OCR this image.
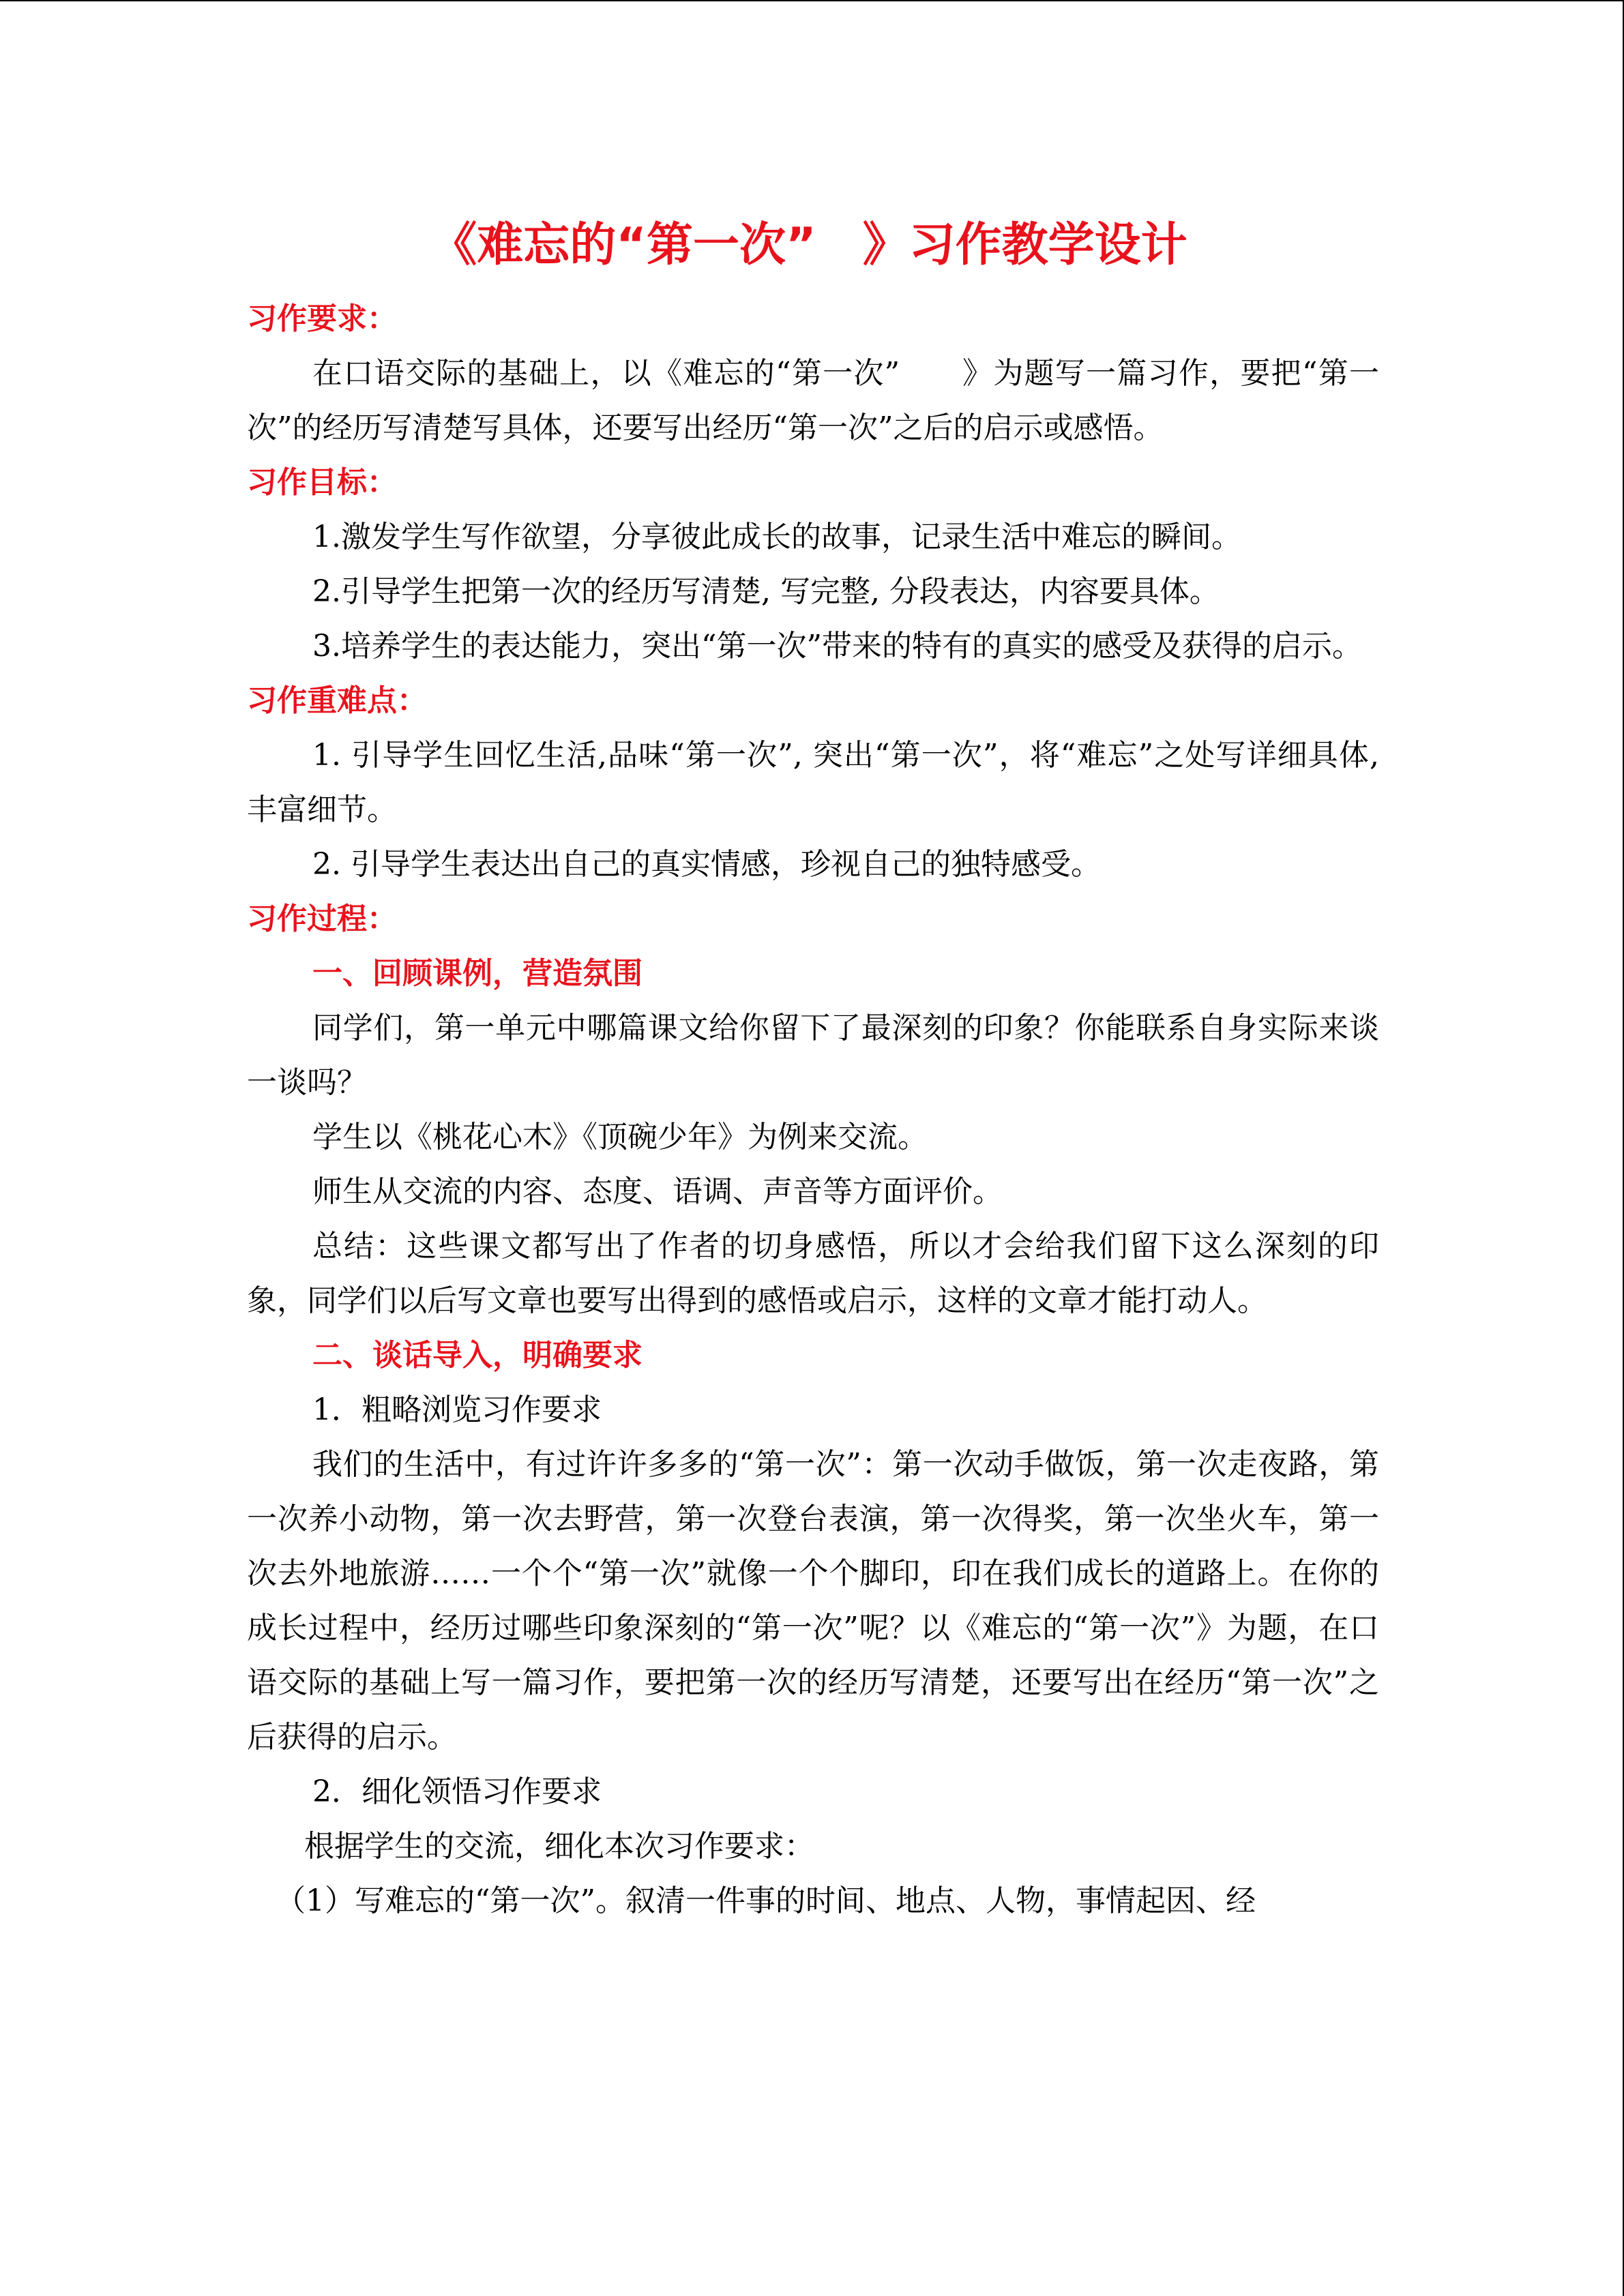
《难忘的“第一次”　》习作教学设计
习作要求：

在口语交际的基础上，以《难忘的“第一次”　　》为题写一篇习作，要把“第一次”的经历写清楚写具体，还要写出经历“第一次”之后的启示或感悟。

习作目标：

1.激发学生写作欲望，分享彼此成长的故事，记录生活中难忘的瞬间。

2.引导学生把第一次的经历写清楚, 写完整, 分段表达，内容要具体。

3.培养学生的表达能力，突出“第一次”带来的特有的真实的感受及获得的启示。

习作重难点：

1. 引导学生回忆生活,品味“第一次”, 突出“第一次”，将“难忘”之处写详细具体,丰富细节。

2. 引导学生表达出自己的真实情感，珍视自己的独特感受。

习作过程：
一、回顾课例，营造氛围

同学们，第一单元中哪篇课文给你留下了最深刻的印象？你能联系自身实际来谈一谈吗？

学生以《桃花心木》《顶碗少年》为例来交流。

师生从交流的内容、态度、语调、声音等方面评价。

总结：这些课文都写出了作者的切身感悟，所以才会给我们留下这么深刻的印象，同学们以后写文章也要写出得到的感悟或启示，这样的文章才能打动人。

二、谈话导入，明确要求

1．粗略浏览习作要求

我们的生活中，有过许许多多的“第一次”：第一次动手做饭，第一次走夜路，第一次养小动物，第一次去野营，第一次登台表演，第一次得奖，第一次坐火车，第一次去外地旅游……一个个“第一次”就像一个个脚印，印在我们成长的道路上。在你的成长过程中，经历过哪些印象深刻的“第一次”呢？以《难忘的“第一次”》为题，在口语交际的基础上写一篇习作，要把第一次的经历写清楚，还要写出在经历“第一次”之后获得的启示。

2．细化领悟习作要求

根据学生的交流，细化本次习作要求：

（1）写难忘的“第一次”。叙清一件事的时间、地点、人物，事情起因、经
